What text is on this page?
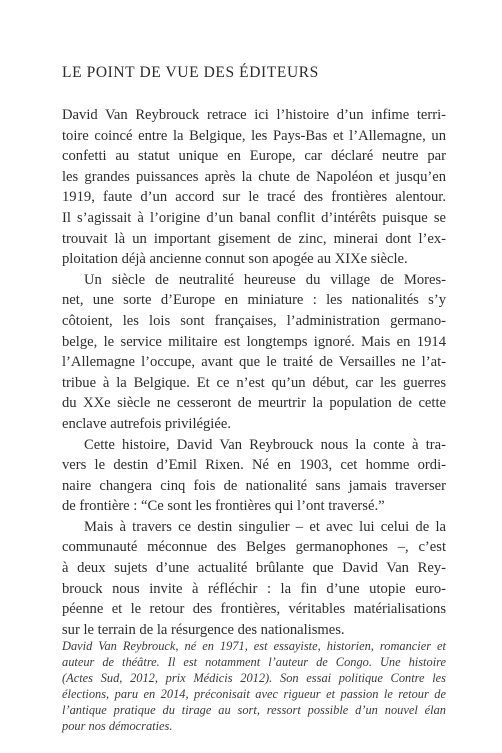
LE POINT DE VUE DES ÉDITEURS
David Van Reybrouck retrace ici l’histoire d’un infime terri-
toire coincé entre la Belgique, les Pays-Bas et l’Allemagne, un
confetti au statut unique en Europe, car déclaré neutre par
les grandes puissances après la chute de Napoléon et jusqu’en
1919, faute d’un accord sur le tracé des frontières alentour.
Il s’agissait à l’origine d’un banal conflit d’intérêts puisque se
trouvait là un important gisement de zinc, minerai dont l’ex-
ploitation déjà ancienne connut son apogée au XIXe siècle.
Un siècle de neutralité heureuse du village de Mores-
net, une sorte d’Europe en miniature : les nationalités s’y
côtoient, les lois sont françaises, l’administration germano-
belge, le service militaire est longtemps ignoré. Mais en 1914
l’Allemagne l’occupe, avant que le traité de Versailles ne l’at-
tribue à la Belgique. Et ce n’est qu’un début, car les guerres
du XXe siècle ne cesseront de meurtrir la population de cette
enclave autrefois privilégiée.
Cette histoire, David Van Reybrouck nous la conte à tra-
vers le destin d’Emil Rixen. Né en 1903, cet homme ordi-
naire changera cinq fois de nationalité sans jamais traverser
de frontière : “Ce sont les frontières qui l’ont traversé.”
Mais à travers ce destin singulier – et avec lui celui de la
communauté méconnue des Belges germanophones –, c’est
à deux sujets d’une actualité brûlante que David Van Rey-
brouck nous invite à réfléchir : la fin d’une utopie euro-
péenne et le retour des frontières, véritables matérialisations
sur le terrain de la résurgence des nationalismes.
David Van Reybrouck, né en 1971, est essayiste, historien, romancier et
auteur de théâtre. Il est notamment l’auteur de Congo. Une histoire
(Actes Sud, 2012, prix Médicis 2012). Son essai politique Contre les
élections, paru en 2014, préconisait avec rigueur et passion le retour de
l’antique pratique du tirage au sort, ressort possible d’un nouvel élan
pour nos démocraties.
